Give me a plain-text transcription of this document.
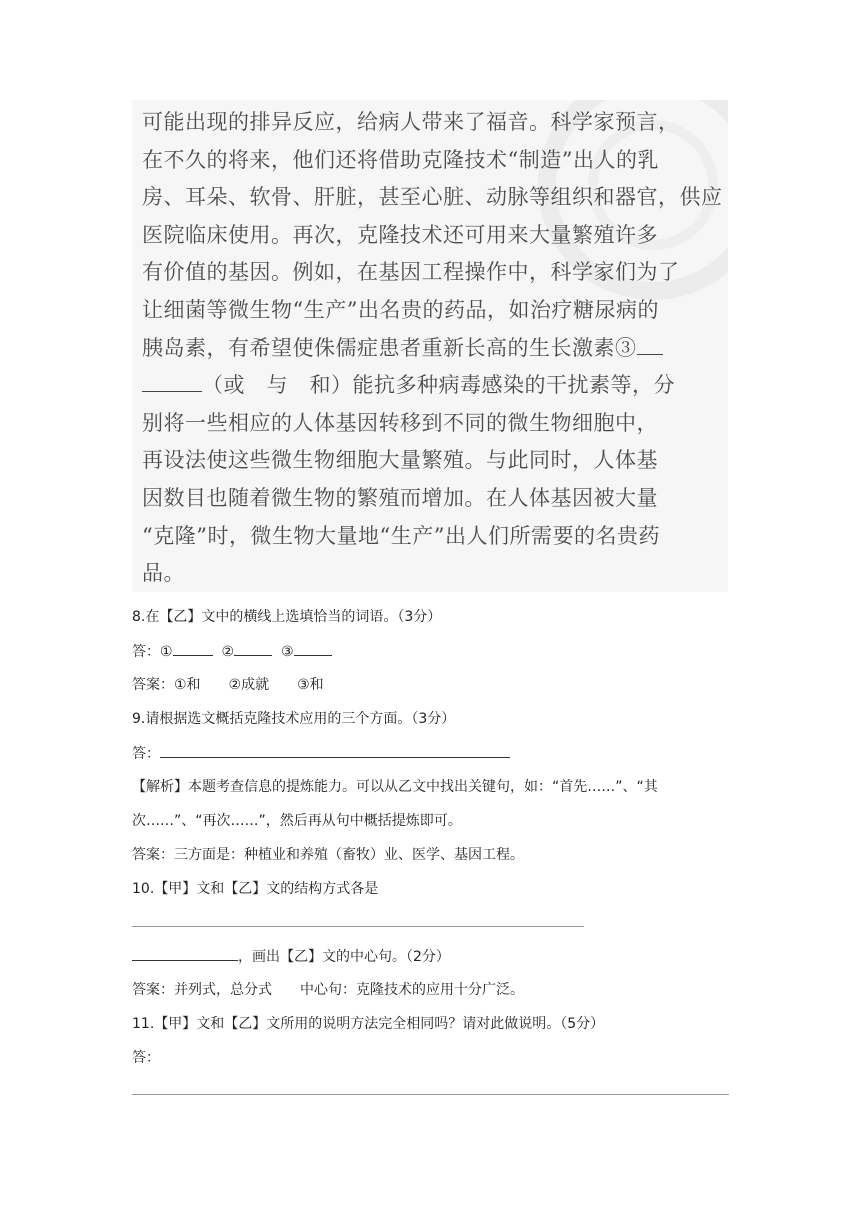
可能出现的排异反应，给病人带来了福音。科学家预言，
在不久的将来，他们还将借助克隆技术“制造”出人的乳
房、耳朵、软骨、肝脏，甚至心脏、动脉等组织和器官，供应
医院临床使用。再次，克隆技术还可用来大量繁殖许多
有价值的基因。例如，在基因工程操作中，科学家们为了
让细菌等微生物“生产”出名贵的药品，如治疗糖尿病的
胰岛素，有希望使侏儒症患者重新长高的生长激素③
（或　与　和）能抗多种病毒感染的干扰素等，分
别将一些相应的人体基因转移到不同的微生物细胞中，
再设法使这些微生物细胞大量繁殖。与此同时，人体基
因数目也随着微生物的繁殖而增加。在人体基因被大量
“克隆”时，微生物大量地“生产”出人们所需要的名贵药
品。
8.在【乙】文中的横线上选填恰当的词语。（3分）
答：①	②	③
答案：①和　　②成就　　③和
9.请根据选文概括克隆技术应用的三个方面。（3分）
答：
【解析】本题考查信息的提炼能力。可以从乙文中找出关键句，如：“首先……”、“其
次……”、“再次……”，然后再从句中概括提炼即可。
答案：三方面是：种植业和养殖（畜牧）业、医学、基因工程。
10.【甲】文和【乙】文的结构方式各是
，画出【乙】文的中心句。（2分）
答案：并列式，总分式　　中心句：克隆技术的应用十分广泛。
11.【甲】文和【乙】文所用的说明方法完全相同吗？请对此做说明。（5分）
答：
